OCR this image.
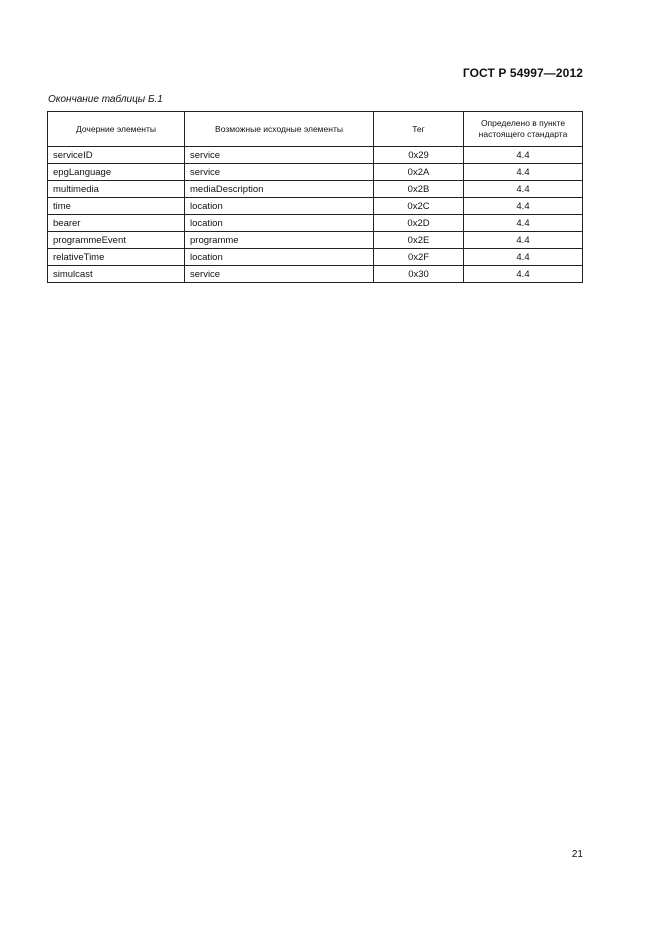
ГОСТ Р 54997—2012
Окончание таблицы Б.1
Дочерние элементы	Возможные исходные элементы	Тег	Определено в пункте настоящего стандарта
serviceID	service	0x29	4.4
epgLanguage	service	0x2A	4.4
multimedia	mediaDescription	0x2B	4.4
time	location	0x2C	4.4
bearer	location	0x2D	4.4
programmeEvent	programme	0x2E	4.4
relativeTime	location	0x2F	4.4
simulcast	service	0x30	4.4
21
